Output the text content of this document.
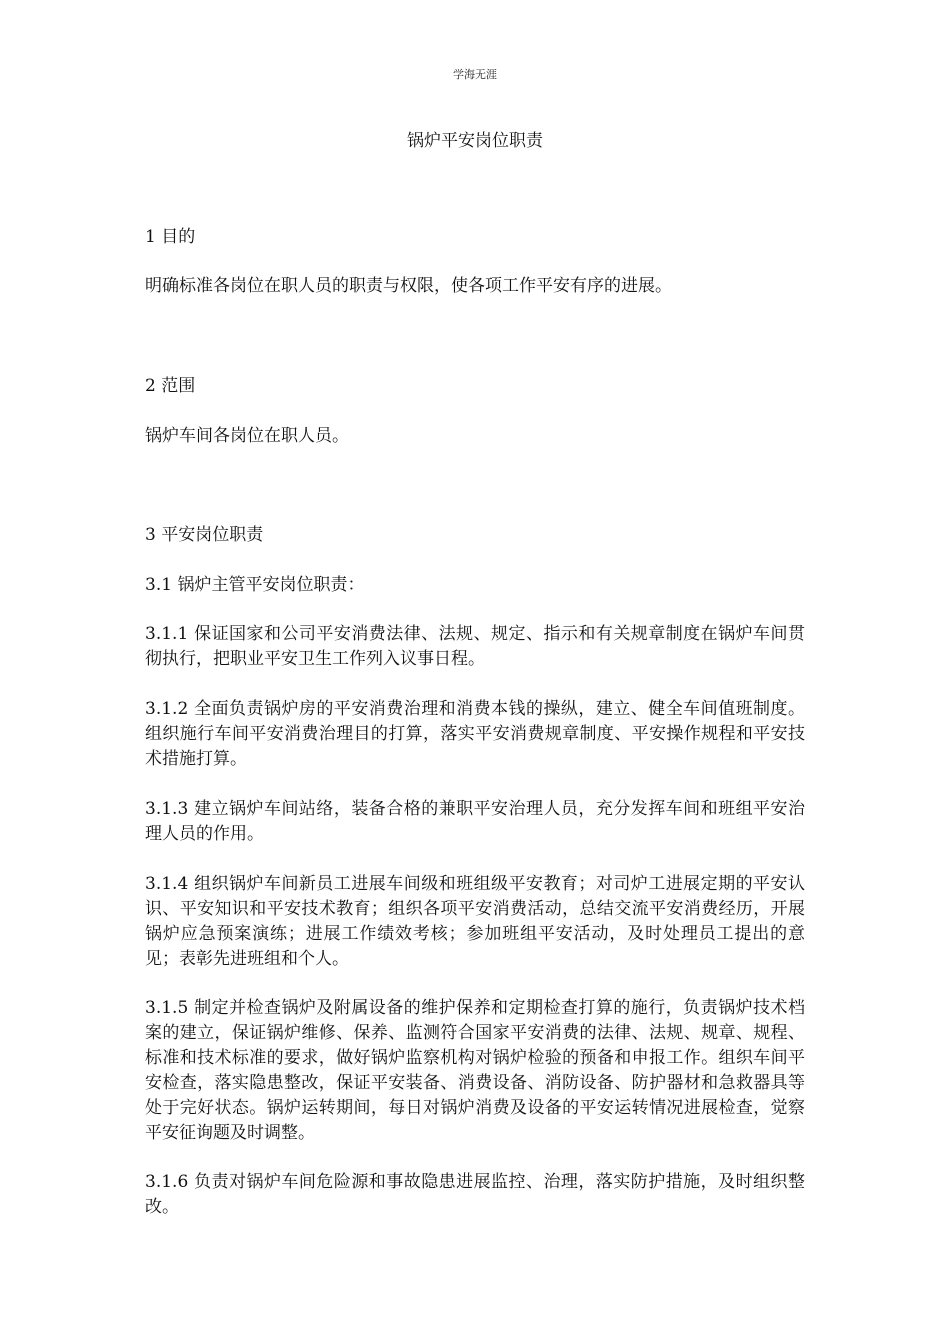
学海无涯
锅炉平安岗位职责
1 目的
明确标准各岗位在职人员的职责与权限，使各项工作平安有序的进展。
2 范围
锅炉车间各岗位在职人员。
3 平安岗位职责
3.1 锅炉主管平安岗位职责：
3.1.1 保证国家和公司平安消费法律、法规、规定、指示和有关规章制度在锅炉车间贯彻执行，把职业平安卫生工作列入议事日程。
3.1.2 全面负责锅炉房的平安消费治理和消费本钱的操纵，建立、健全车间值班制度。组织施行车间平安消费治理目的打算，落实平安消费规章制度、平安操作规程和平安技术措施打算。
3.1.3 建立锅炉车间站络，装备合格的兼职平安治理人员，充分发挥车间和班组平安治理人员的作用。
3.1.4 组织锅炉车间新员工进展车间级和班组级平安教育；对司炉工进展定期的平安认识、平安知识和平安技术教育；组织各项平安消费活动，总结交流平安消费经历，开展锅炉应急预案演练；进展工作绩效考核；参加班组平安活动，及时处理员工提出的意见；表彰先进班组和个人。
3.1.5 制定并检查锅炉及附属设备的维护保养和定期检查打算的施行，负责锅炉技术档案的建立，保证锅炉维修、保养、监测符合国家平安消费的法律、法规、规章、规程、标准和技术标准的要求，做好锅炉监察机构对锅炉检验的预备和申报工作。组织车间平安检查，落实隐患整改，保证平安装备、消费设备、消防设备、防护器材和急救器具等处于完好状态。锅炉运转期间，每日对锅炉消费及设备的平安运转情况进展检查，觉察平安征询题及时调整。
3.1.6 负责对锅炉车间危险源和事故隐患进展监控、治理，落实防护措施，及时组织整改。
